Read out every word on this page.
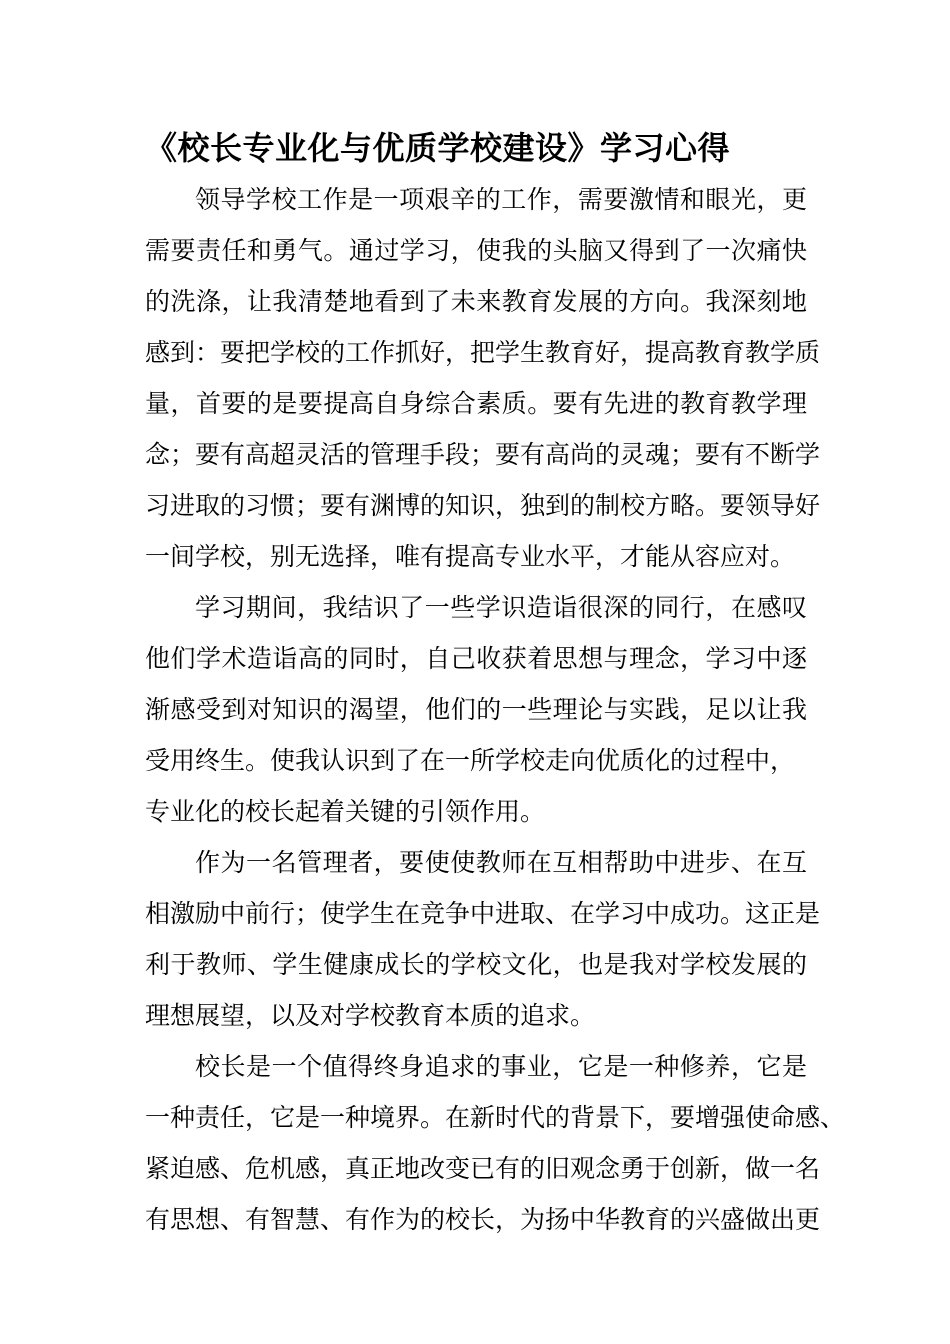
《校长专业化与优质学校建设》学习心得
领导学校工作是一项艰辛的工作，需要激情和眼光，更
需要责任和勇气。通过学习，使我的头脑又得到了一次痛快
的洗涤，让我清楚地看到了未来教育发展的方向。我深刻地
感到：要把学校的工作抓好，把学生教育好，提高教育教学质
量，首要的是要提高自身综合素质。要有先进的教育教学理
念；要有高超灵活的管理手段；要有高尚的灵魂；要有不断学
习进取的习惯；要有渊博的知识，独到的制校方略。要领导好
一间学校，别无选择，唯有提高专业水平，才能从容应对。
学习期间，我结识了一些学识造诣很深的同行，在感叹
他们学术造诣高的同时，自己收获着思想与理念，学习中逐
渐感受到对知识的渴望，他们的一些理论与实践，足以让我
受用终生。使我认识到了在一所学校走向优质化的过程中，
专业化的校长起着关键的引领作用。
作为一名管理者，要使使教师在互相帮助中进步、在互
相激励中前行；使学生在竞争中进取、在学习中成功。这正是
利于教师、学生健康成长的学校文化，也是我对学校发展的
理想展望，以及对学校教育本质的追求。
校长是一个值得终身追求的事业，它是一种修养，它是
一种责任，它是一种境界。在新时代的背景下，要增强使命感、
紧迫感、危机感，真正地改变已有的旧观念勇于创新，做一名
有思想、有智慧、有作为的校长，为扬中华教育的兴盛做出更
